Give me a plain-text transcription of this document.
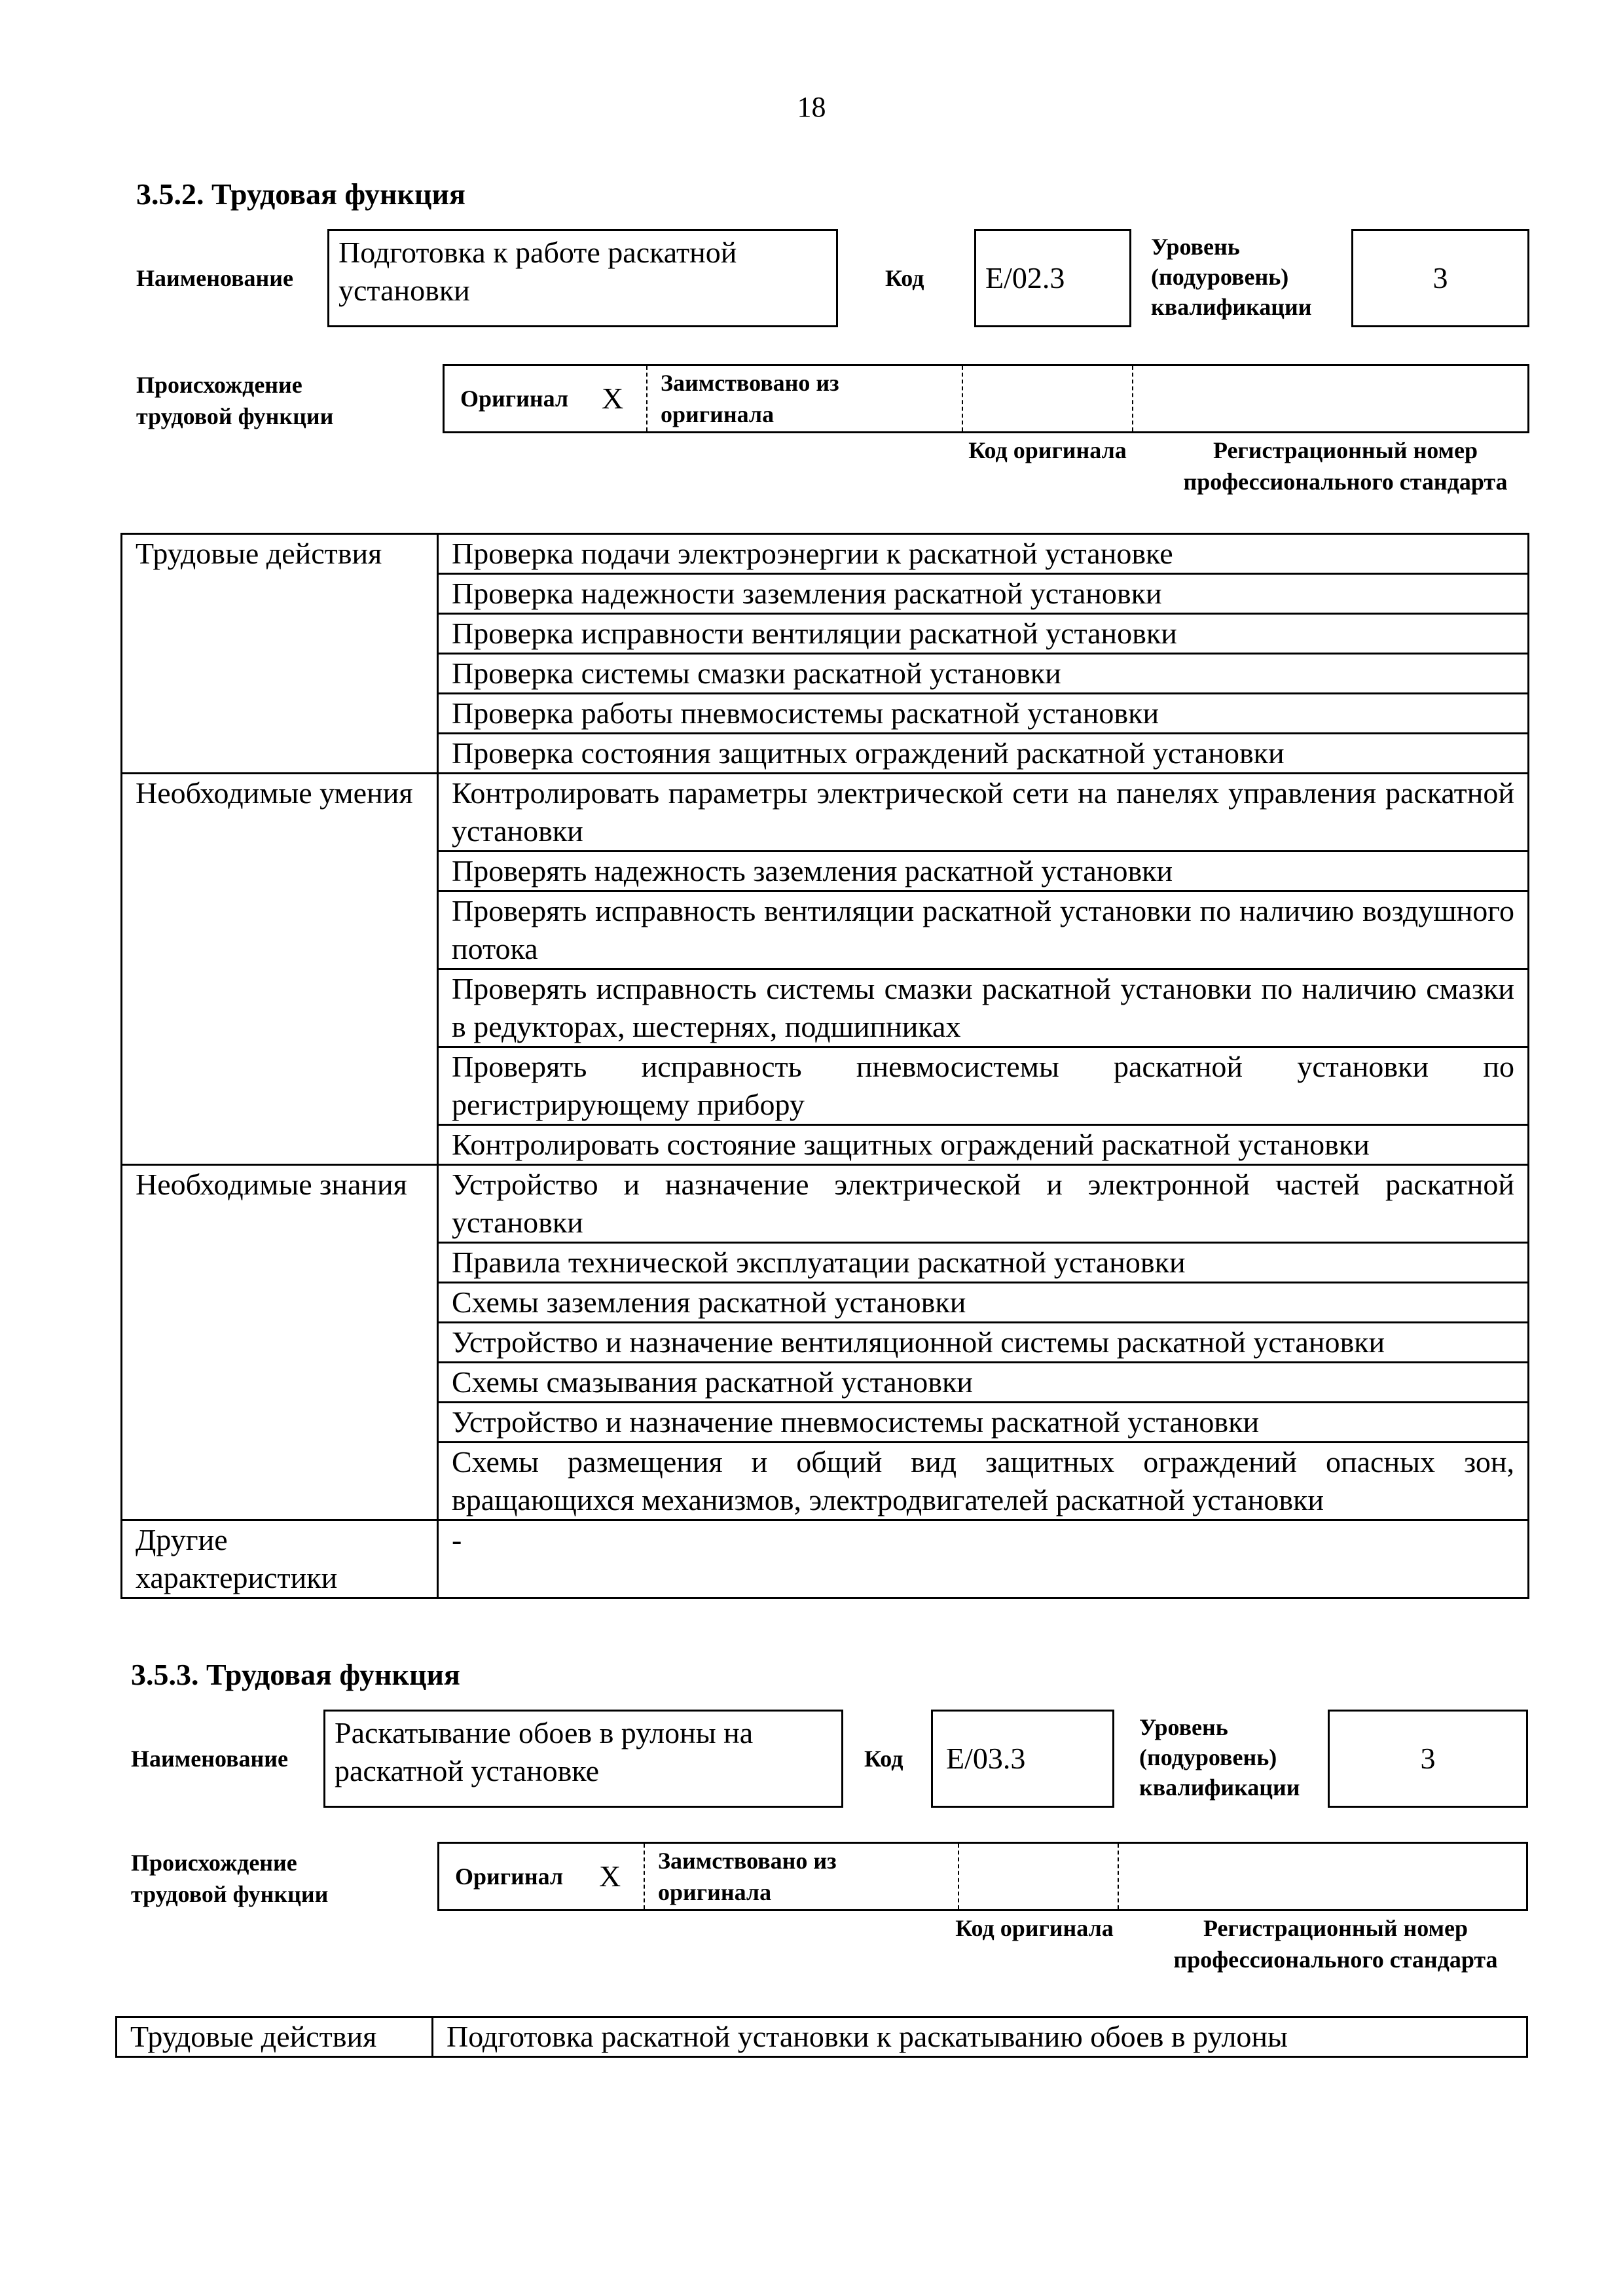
18
3.5.2. Трудовая функция
Наименование
Подготовка к работе раскатной установки	Код E/02.3
Уровень (подуровень) квалификации
3
Происхождение трудовой функции
Оригинал X Заимствовано из оригинала
Код оригинала	Регистрационный номер профессионального стандарта
Трудовые действия	Проверка подачи электроэнергии к раскатной установке
	Проверка надежности заземления раскатной установки
	Проверка исправности вентиляции раскатной установки
	Проверка системы смазки раскатной установки
	Проверка работы пневмосистемы раскатной установки
	Проверка состояния защитных ограждений раскатной установки
Необходимые умения	Контролировать параметры электрической сети на панелях управления раскатной установки
	Проверять надежность заземления раскатной установки
	Проверять исправность вентиляции раскатной установки по наличию воздушного потока
	Проверять исправность системы смазки раскатной установки по наличию смазки в редукторах, шестернях, подшипниках
	Проверять исправность пневмосистемы раскатной установки по регистрирующему прибору
	Контролировать состояние защитных ограждений раскатной установки
Необходимые знания	Устройство и назначение электрической и электронной частей раскатной установки
	Правила технической эксплуатации раскатной установки
	Схемы заземления раскатной установки
	Устройство и назначение вентиляционной системы раскатной установки
	Схемы смазывания раскатной установки
	Устройство и назначение пневмосистемы раскатной установки
	Схемы размещения и общий вид защитных ограждений опасных зон, вращающихся механизмов, электродвигателей раскатной установки
Другие характеристики	-
3.5.3. Трудовая функция
Наименование
Раскатывание обоев в рулоны на раскатной установке	Код E/03.3
Уровень (подуровень) квалификации
3
Происхождение трудовой функции
Оригинал X Заимствовано из оригинала
Код оригинала	Регистрационный номер профессионального стандарта
Трудовые действия	Подготовка раскатной установки к раскатыванию обоев в рулоны
